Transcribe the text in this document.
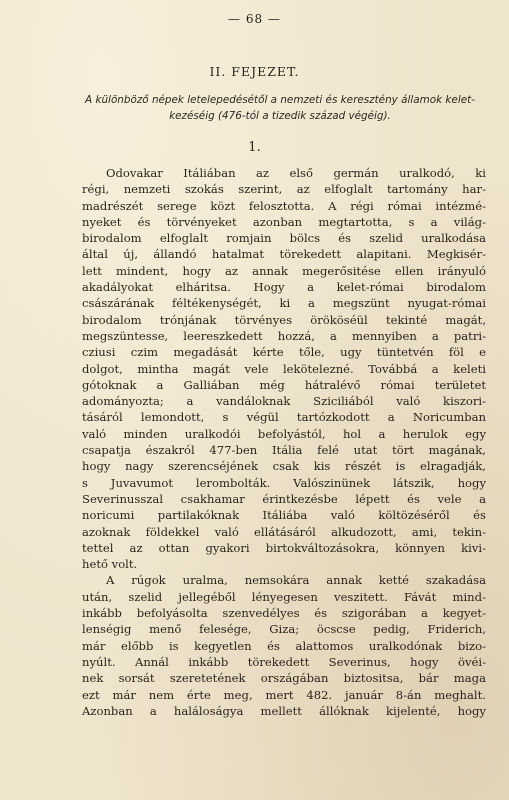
— 68 —
II. FEJEZET.
A különböző népek letelepedésétől a nemzeti és keresztény államok kelet-
kezéséig (476-tól a tizedik század végéig).
1.
Odovakar Itáliában az első germán uralkodó, ki
régi, nemzeti szokás szerint, az elfoglalt tartomány har-
madrészét serege közt felosztotta. A régi római intézmé-
nyeket és törvényeket azonban megtartotta, s a világ-
birodalom elfoglalt romjain bölcs és szelid uralkodása
által új, állandó hatalmat törekedett alapitani. Megkisér-
lett mindent, hogy az annak megerősitése ellen irányuló
akadályokat elháritsa. Hogy a kelet-római birodalom
császárának féltékenységét, ki a megszünt nyugat-római
birodalom trónjának törvényes örököséül tekinté magát,
megszüntesse, leereszkedett hozzá, a mennyiben a patri-
cziusi czim megadását kérte tőle, ugy tüntetvén föl e
dolgot, mintha magát vele lekötelezné. Továbbá a keleti
gótoknak a Galliában még hátralévő római területet
adományozta; a vandáloknak Sziciliából való kiszori-
tásáról lemondott, s végül tartózkodott a Noricumban
való minden uralkodói befolyástól, hol a herulok egy
csapatja északról 477-ben Itália felé utat tört magának,
hogy nagy szerencséjének csak kis részét is elragadják,
s Juvavumot lerombolták. Valószinünek látszik, hogy
Severinusszal csakhamar érintkezésbe lépett és vele a
noricumi partilakóknak Itáliába való költözéséről és
azoknak földekkel való ellátásáról alkudozott, ami, tekin-
tettel az ottan gyakori birtokváltozásokra, könnyen kivi-
hető volt.
A rúgok uralma, nemsokára annak ketté szakadása
után, szelid jellegéből lényegesen veszitett. Fávát mind-
inkább befolyásolta szenvedélyes és szigorában a kegyet-
lenségig menő felesége, Giza; öcscse pedig, Friderich,
már előbb is kegyetlen és alattomos uralkodónak bizo-
nyúlt. Annál inkább törekedett Severinus, hogy övéi-
nek sorsát szeretetének országában biztositsa, bár maga
ezt már nem érte meg, mert 482. január 8-án meghalt.
Azonban a haláloságya mellett állóknak kijelenté, hogy
